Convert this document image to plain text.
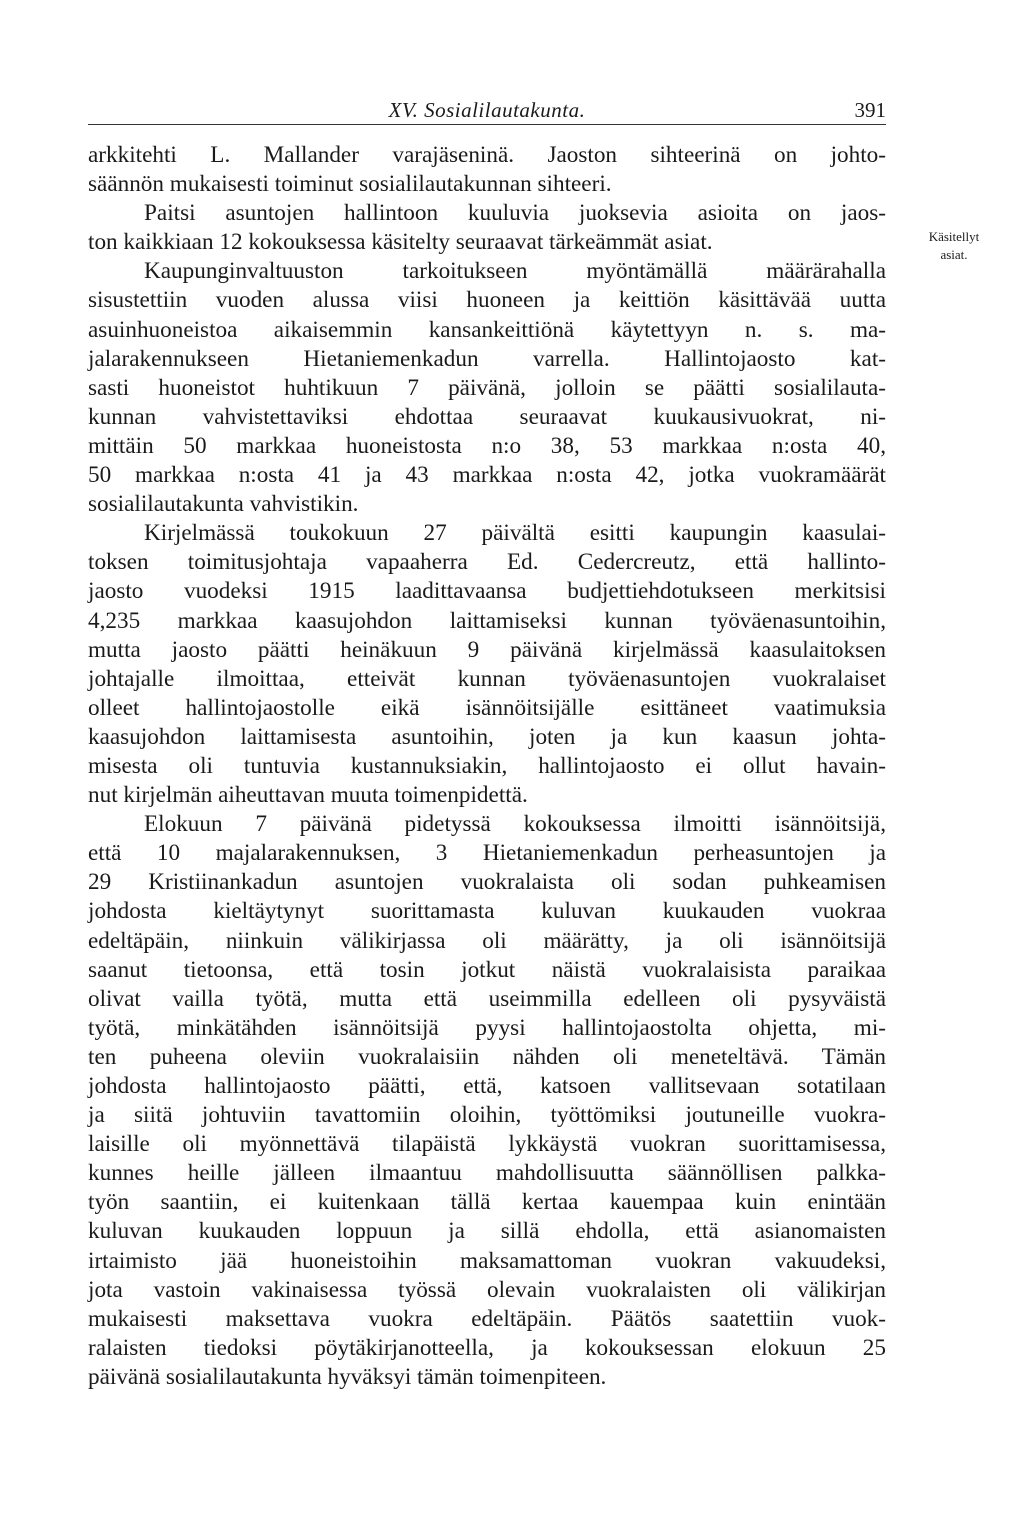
XV. Sosialilautakunta.	391
Käsitellyt
asiat.
arkkitehti L. Mallander varajäseninä. Jaoston sihteerinä on johto-
säännön mukaisesti toiminut sosialilautakunnan sihteeri.
Paitsi asuntojen hallintoon kuuluvia juoksevia asioita on jaos-
ton kaikkiaan 12 kokouksessa käsitelty seuraavat tärkeämmät asiat.
Kaupunginvaltuuston tarkoitukseen myöntämällä määrärahalla
sisustettiin vuoden alussa viisi huoneen ja keittiön käsittävää uutta
asuinhuoneistoa aikaisemmin kansankeittiönä käytettyyn n. s. ma-
jalarakennukseen Hietaniemenkadun varrella. Hallintojaosto kat-
sasti huoneistot huhtikuun 7 päivänä, jolloin se päätti sosialilauta-
kunnan vahvistettaviksi ehdottaa seuraavat kuukausivuokrat, ni-
mittäin 50 markkaa huoneistosta n:o 38, 53 markkaa n:osta 40,
50 markkaa n:osta 41 ja 43 markkaa n:osta 42, jotka vuokramäärät
sosialilautakunta vahvistikin.
Kirjelmässä toukokuun 27 päivältä esitti kaupungin kaasulai-
toksen toimitusjohtaja vapaaherra Ed. Cedercreutz, että hallinto-
jaosto vuodeksi 1915 laadittavaansa budjettiehdotukseen merkitsisi
4,235 markkaa kaasujohdon laittamiseksi kunnan työväenasuntoihin,
mutta jaosto päätti heinäkuun 9 päivänä kirjelmässä kaasulaitoksen
johtajalle ilmoittaa, etteivät kunnan työväenasuntojen vuokralaiset
olleet hallintojaostolle eikä isännöitsijälle esittäneet vaatimuksia
kaasujohdon laittamisesta asuntoihin, joten ja kun kaasun johta-
misesta oli tuntuvia kustannuksiakin, hallintojaosto ei ollut havain-
nut kirjelmän aiheuttavan muuta toimenpidettä.
Elokuun 7 päivänä pidetyssä kokouksessa ilmoitti isännöitsijä,
että 10 majalarakennuksen, 3 Hietaniemenkadun perheasuntojen ja
29 Kristiinankadun asuntojen vuokralaista oli sodan puhkeamisen
johdosta kieltäytynyt suorittamasta kuluvan kuukauden vuokraa
edeltäpäin, niinkuin välikirjassa oli määrätty, ja oli isännöitsijä
saanut tietoonsa, että tosin jotkut näistä vuokralaisista paraikaa
olivat vailla työtä, mutta että useimmilla edelleen oli pysyväistä
työtä, minkätähden isännöitsijä pyysi hallintojaostolta ohjetta, mi-
ten puheena oleviin vuokralaisiin nähden oli meneteltävä. Tämän
johdosta hallintojaosto päätti, että, katsoen vallitsevaan sotatilaan
ja siitä johtuviin tavattomiin oloihin, työttömiksi joutuneille vuokra-
laisille oli myönnettävä tilapäistä lykkäystä vuokran suorittamisessa,
kunnes heille jälleen ilmaantuu mahdollisuutta säännöllisen palkka-
työn saantiin, ei kuitenkaan tällä kertaa kauempaa kuin enintään
kuluvan kuukauden loppuun ja sillä ehdolla, että asianomaisten
irtaimisto jää huoneistoihin maksamattoman vuokran vakuudeksi,
jota vastoin vakinaisessa työssä olevain vuokralaisten oli välikirjan
mukaisesti maksettava vuokra edeltäpäin. Päätös saatettiin vuok-
ralaisten tiedoksi pöytäkirjanotteella, ja kokouksessan elokuun 25
päivänä sosialilautakunta hyväksyi tämän toimenpiteen.
